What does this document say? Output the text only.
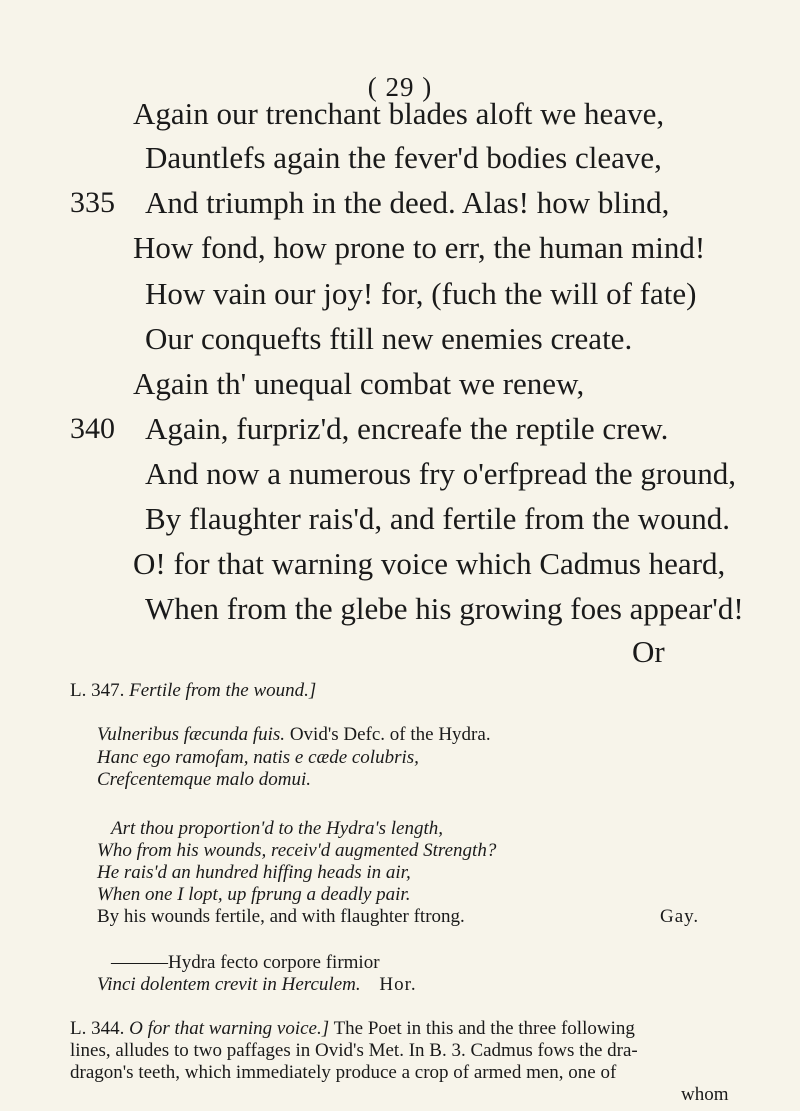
( 29 )
Again our trenchant blades aloft we heave,
Dauntlefs again the fever'd bodies cleave,
335 And triumph in the deed. Alas! how blind,
How fond, how prone to err, the human mind!
How vain our joy! for, (fuch the will of fate)
Our conquefts ftill new enemies create.
Again th' unequal combat we renew,
340 Again, furpriz'd, encreafe the reptile crew.
And now a numerous fry o'erfpread the ground,
By flaughter rais'd, and fertile from the wound.
O! for that warning voice which Cadmus heard,
When from the glebe his growing foes appear'd!
Or
L. 347. Fertile from the wound.]
Vulneribus fæcunda fuis. Ovid's Defc. of the Hydra.
Hanc ego ramofam, natis e cæde colubris,
Crefcentemque malo domui.
Art thou proportion'd to the Hydra's length,
Who from his wounds, receiv'd augmented Strength?
He rais'd an hundred hiffing heads in air,
When one I lopt, up fprung a deadly pair.
By his wounds fertile, and with flaughter ftrong.	Gay.
———Hydra fecto corpore firmior
Vinci dolentem crevit in Herculem. Hor.
L. 344. O for that warning voice.] The Poet in this and the three following
lines, alludes to two paffages in Ovid's Met. In B. 3. Cadmus fows the dra-
dragon's teeth, which immediately produce a crop of armed men, one of
whom
